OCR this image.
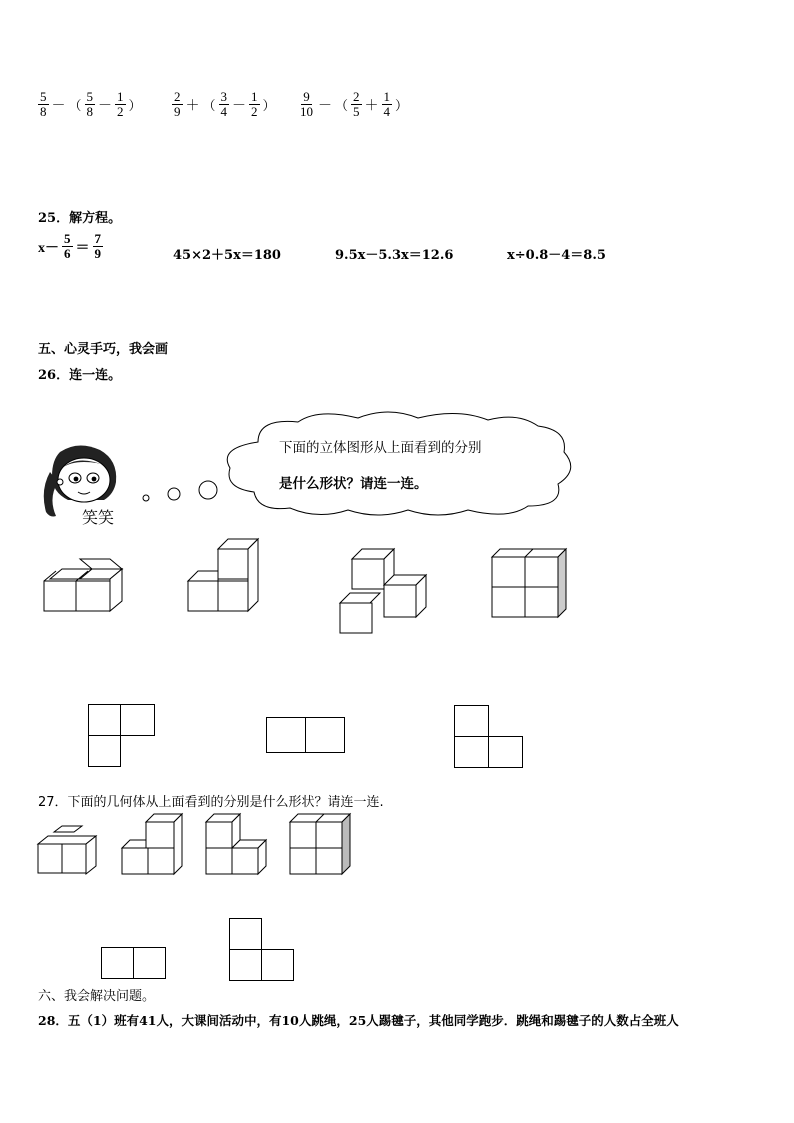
$\frac{5}{8}$ － （ $\frac{5}{8} - \frac{1}{2}$ ） $\frac{2}{9}$ ＋ （ $\frac{3}{4} - \frac{1}{2}$ ） $\frac{9}{10}$ － （ $\frac{2}{5} + \frac{1}{4}$ ）
25．解方程。
$x- \frac{5}{6} = \frac{7}{9}$	45×2＋5x＝180	9.5x－5.3x＝12.6	x÷0.8－4＝8.5
五、心灵手巧，我会画
26．连一连。
笑笑
下面的立体图形从上面看到的分别
是什么形状？请连一连。
27．下面的几何体从上面看到的分别是什么形状？请连一连.
六、我会解决问题。
28．五（1）班有41人，大课间活动中，有10人跳绳，25人踢毽子，其他同学跑步．跳绳和踢毽子的人数占全班人
